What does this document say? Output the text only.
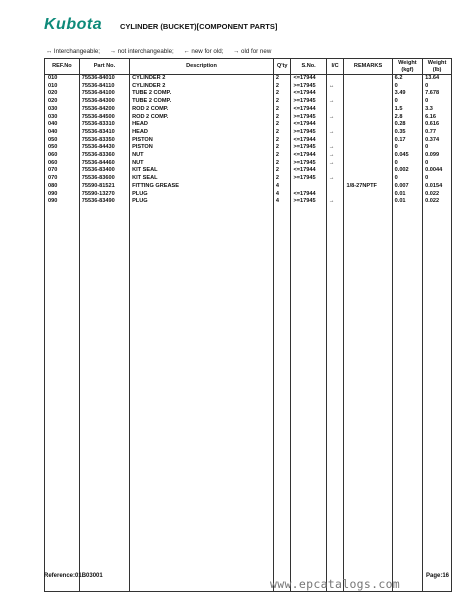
Kubota	CYLINDER (BUCKET)[COMPONENT PARTS]
↔ Interchangeable; → not interchangeable; ← new for old; → old for new
REF.No	Part No.	Description	Q'ty	S.No.	I/C	REMARKS	Weight (kgf)	Weight (lb)
010	75536-84010	CYLINDER 2	2	<=17944			6.2	13.64
010	75536-84110	CYLINDER 2	2	>=17945	↔		0	0
020	75536-84100	TUBE 2 COMP.	2	<=17944			3.49	7.678
020	75536-84300	TUBE 2 COMP.	2	>=17945	→		0	0
030	75536-84200	ROD 2 COMP.	2	<=17944			1.5	3.3
030	75536-84500	ROD 2 COMP.	2	>=17945	→		2.8	6.16
040	75536-83310	HEAD	2	<=17944			0.28	0.616
040	75536-83410	HEAD	2	>=17945	→		0.35	0.77
050	75536-83350	PISTON	2	<=17944			0.17	0.374
050	75536-84430	PISTON	2	>=17945	→		0	0
060	75536-83360	NUT	2	<=17944	→		0.045	0.099
060	75536-84460	NUT	2	>=17945	→		0	0
070	75536-83400	KIT SEAL	2	<=17944			0.002	0.0044
070	75536-83600	KIT SEAL	2	>=17945	→		0	0
080	75590-81521	FITTING GREASE	4			1/8-27NPTF	0.007	0.0154
090	75590-13270	PLUG	4	<=17944			0.01	0.022
090	75536-83490	PLUG	4	>=17945	→		0.01	0.022

Reference:01B03001
www.epcatalogs.com
Page:16
